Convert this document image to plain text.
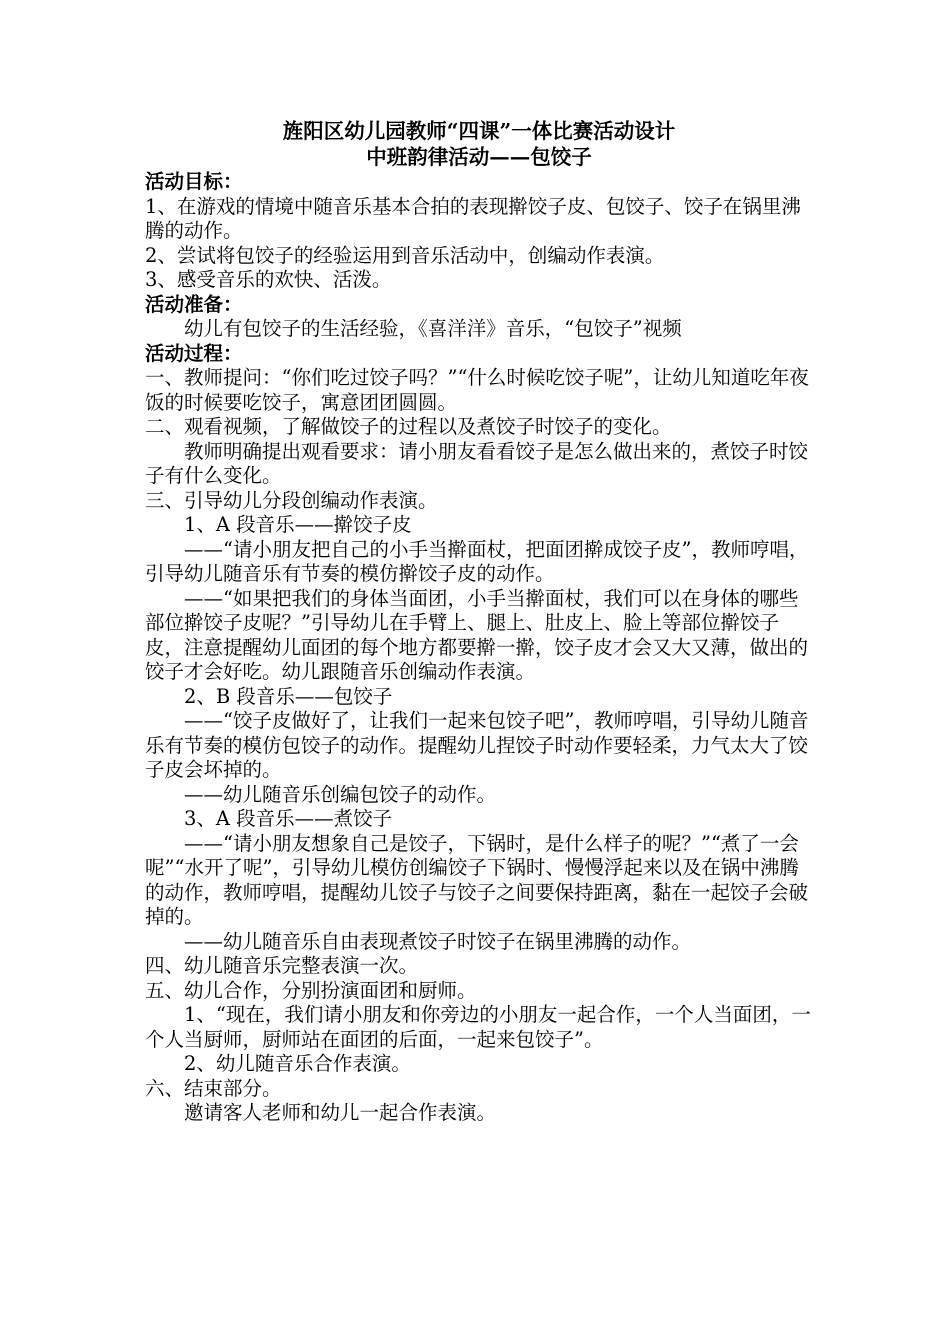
旌阳区幼儿园教师“四课”一体比赛活动设计
中班韵律活动——包饺子
活动目标：

1、在游戏的情境中随音乐基本合拍的表现擀饺子皮、包饺子、饺子在锅里沸腾的动作。

2、尝试将包饺子的经验运用到音乐活动中，创编动作表演。

3、感受音乐的欢快、活泼。

活动准备：

幼儿有包饺子的生活经验，《喜洋洋》音乐，“包饺子”视频

活动过程：

一、教师提问：“你们吃过饺子吗？”“什么时候吃饺子呢”，让幼儿知道吃年夜饭的时候要吃饺子，寓意团团圆圆。

二、观看视频，了解做饺子的过程以及煮饺子时饺子的变化。

教师明确提出观看要求：请小朋友看看饺子是怎么做出来的，煮饺子时饺子有什么变化。

三、引导幼儿分段创编动作表演。

1、A 段音乐——擀饺子皮

——“请小朋友把自己的小手当擀面杖，把面团擀成饺子皮”，教师哼唱，引导幼儿随音乐有节奏的模仿擀饺子皮的动作。

——“如果把我们的身体当面团，小手当擀面杖，我们可以在身体的哪些部位擀饺子皮呢？”引导幼儿在手臂上、腿上、肚皮上、脸上等部位擀饺子皮，注意提醒幼儿面团的每个地方都要擀一擀，饺子皮才会又大又薄，做出的饺子才会好吃。幼儿跟随音乐创编动作表演。

2、B 段音乐——包饺子

——“饺子皮做好了，让我们一起来包饺子吧”，教师哼唱，引导幼儿随音乐有节奏的模仿包饺子的动作。提醒幼儿捏饺子时动作要轻柔，力气太大了饺子皮会坏掉的。

——幼儿随音乐创编包饺子的动作。

3、A 段音乐——煮饺子

——“请小朋友想象自己是饺子，下锅时，是什么样子的呢？”“煮了一会呢”“水开了呢”，引导幼儿模仿创编饺子下锅时、慢慢浮起来以及在锅中沸腾的动作，教师哼唱，提醒幼儿饺子与饺子之间要保持距离，黏在一起饺子会破掉的。

——幼儿随音乐自由表现煮饺子时饺子在锅里沸腾的动作。

四、幼儿随音乐完整表演一次。

五、幼儿合作，分别扮演面团和厨师。

1、“现在，我们请小朋友和你旁边的小朋友一起合作，一个人当面团，一个人当厨师，厨师站在面团的后面，一起来包饺子”。

2、幼儿随音乐合作表演。

六、结束部分。

邀请客人老师和幼儿一起合作表演。
